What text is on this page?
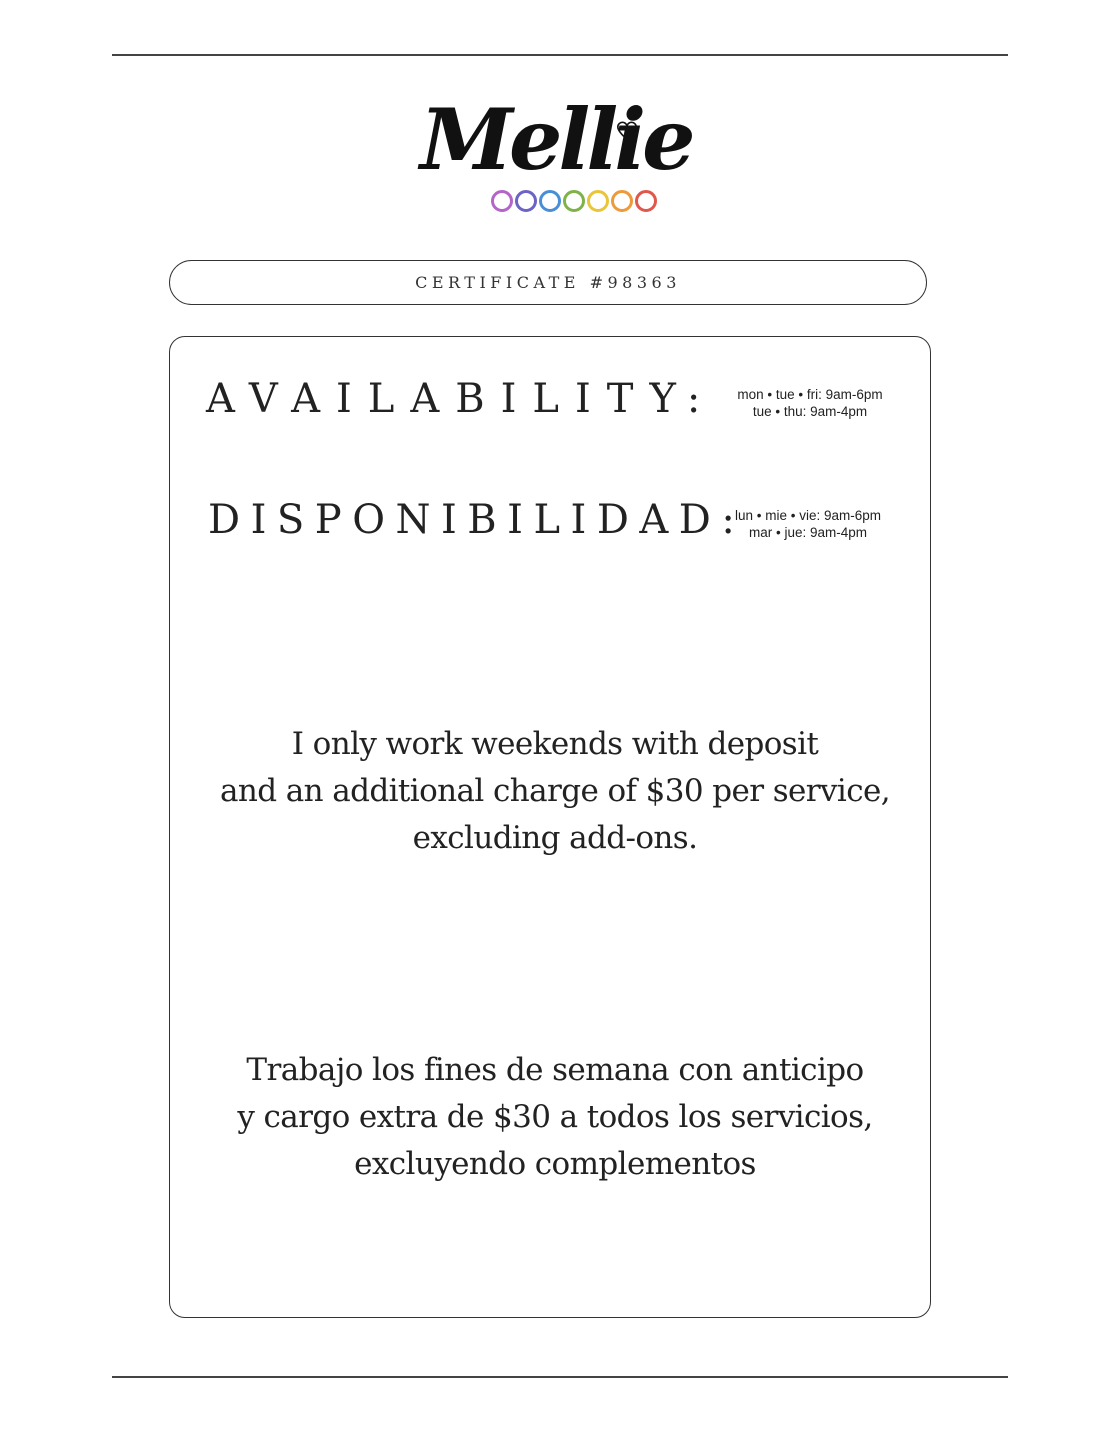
Mellie
CERTIFICATE #98363
AVAILABILITY:	mon • tue • fri: 9am-6pm
tue • thu: 9am-4pm
DISPONIBILIDAD:
lun • mie • vie: 9am-6pm
mar • jue: 9am-4pm
I only work weekends with deposit
and an additional charge of $30 per service,
excluding add-ons.
Trabajo los fines de semana con anticipo
y cargo extra de $30 a todos los servicios,
excluyendo complementos
